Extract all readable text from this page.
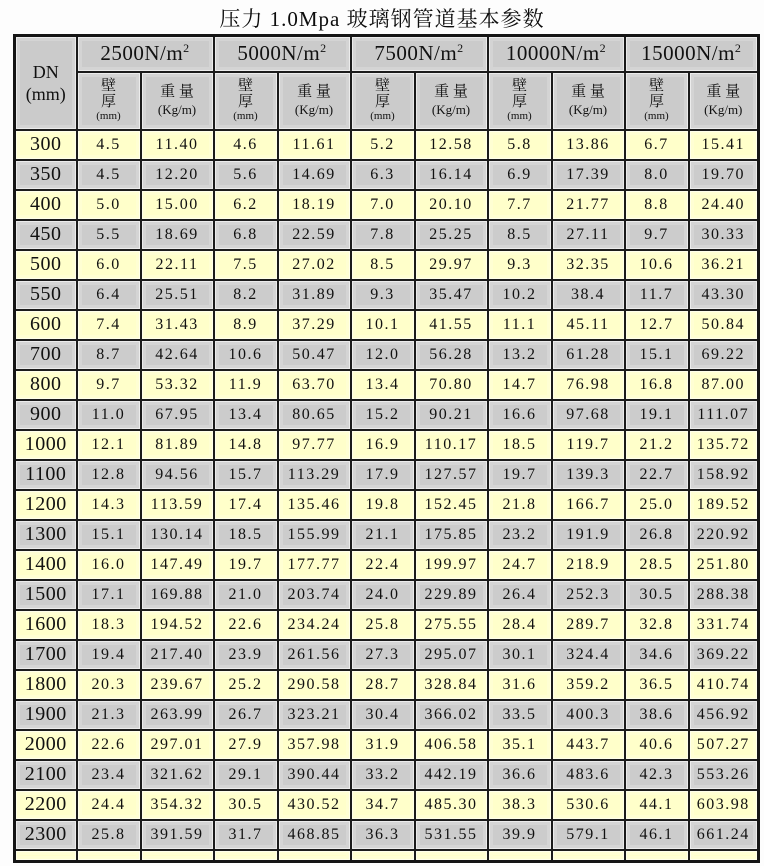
压力 1.0Mpa 玻璃钢管道基本参数
DN
(mm)	$2500N/m^2$		$5000N/m^2$		$7500N/m^2$		$10000N/m^2$		$15000N/m^2$

壁
厚
(mm)

重 量
(Kg/m)

壁
厚
(mm)

重 量
(Kg/m)

壁
厚
(mm)

重 量
(Kg/m)

壁
厚
(mm)

重 量
(Kg/m)

壁
厚
(mm)

重 量
(Kg/m)

300	4.5	11.40	4.6	11.61	5.2	12.58	5.8	13.86	6.7	15.41
350	4.5	12.20	5.6	14.69	6.3	16.14	6.9	17.39	8.0	19.70
400	5.0	15.00	6.2	18.19	7.0	20.10	7.7	21.77	8.8	24.40
450	5.5	18.69	6.8	22.59	7.8	25.25	8.5	27.11	9.7	30.33
500	6.0	22.11	7.5	27.02	8.5	29.97	9.3	32.35	10.6	36.21
550	6.4	25.51	8.2	31.89	9.3	35.47	10.2	38.4	11.7	43.30
600	7.4	31.43	8.9	37.29	10.1	41.55	11.1	45.11	12.7	50.84
700	8.7	42.64	10.6	50.47	12.0	56.28	13.2	61.28	15.1	69.22
800	9.7	53.32	11.9	63.70	13.4	70.80	14.7	76.98	16.8	87.00
900	11.0	67.95	13.4	80.65	15.2	90.21	16.6	97.68	19.1	111.07
1000	12.1	81.89	14.8	97.77	16.9	110.17	18.5	119.7	21.2	135.72
1100	12.8	94.56	15.7	113.29	17.9	127.57	19.7	139.3	22.7	158.92
1200	14.3	113.59	17.4	135.46	19.8	152.45	21.8	166.7	25.0	189.52
1300	15.1	130.14	18.5	155.99	21.1	175.85	23.2	191.9	26.8	220.92
1400	16.0	147.49	19.7	177.77	22.4	199.97	24.7	218.9	28.5	251.80
1500	17.1	169.88	21.0	203.74	24.0	229.89	26.4	252.3	30.5	288.38
1600	18.3	194.52	22.6	234.24	25.8	275.55	28.4	289.7	32.8	331.74
1700	19.4	217.40	23.9	261.56	27.3	295.07	30.1	324.4	34.6	369.22
1800	20.3	239.67	25.2	290.58	28.7	328.84	31.6	359.2	36.5	410.74
1900	21.3	263.99	26.7	323.21	30.4	366.02	33.5	400.3	38.6	456.92
2000	22.6	297.01	27.9	357.98	31.9	406.58	35.1	443.7	40.6	507.27
2100	23.4	321.62	29.1	390.44	33.2	442.19	36.6	483.6	42.3	553.26
2200	24.4	354.32	30.5	430.52	34.7	485.30	38.3	530.6	44.1	603.98
2300	25.8	391.59	31.7	468.85	36.3	531.55	39.9	579.1	46.1	661.24
